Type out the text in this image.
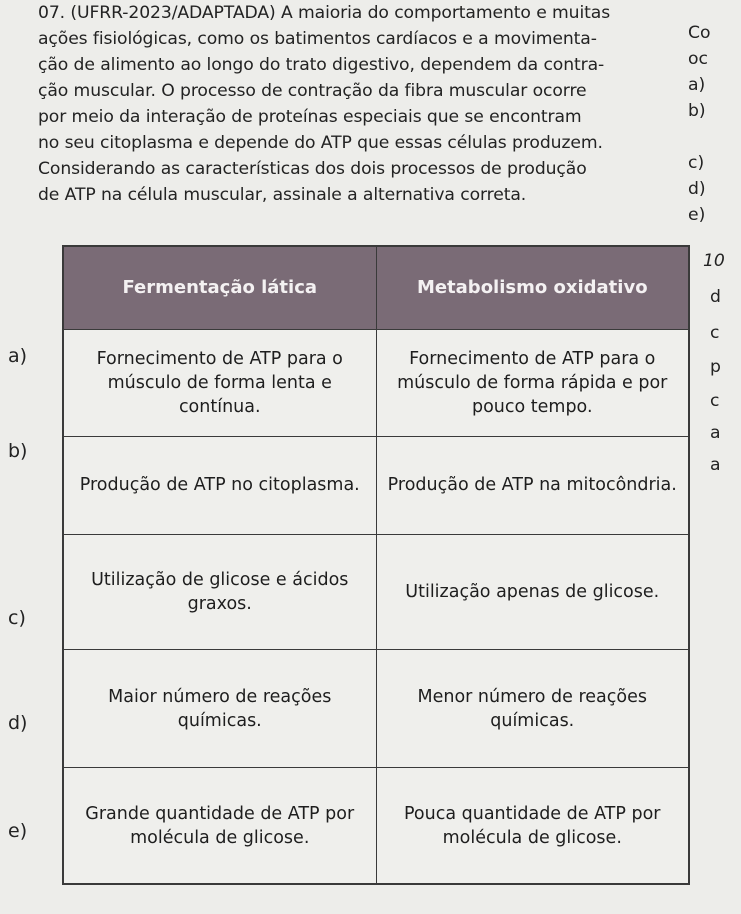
07. (UFRR-2023/ADAPTADA) A maioria do comportamento e muitas
ações fisiológicas, como os batimentos cardíacos e a movimenta-
ção de alimento ao longo do trato digestivo, dependem da contra-
ção muscular. O processo de contração da fibra muscular ocorre
por meio da interação de proteínas especiais que se encontram
no seu citoplasma e depende do ATP que essas células produzem.
Considerando as características dos dois processos de produção
de ATP na célula muscular, assinale a alternativa correta.
Co
oc
a)
b)
c)
d)
e)
10
d
c
p
c
a
a
a)
b)
c)
d)
e)
Fermentação lática	Metabolismo oxidativo
Fornecimento de ATP para o músculo de forma lenta e contínua.	Fornecimento de ATP para o músculo de forma rápida e por pouco tempo.
Produção de ATP no citoplasma.	Produção de ATP na mitocôndria.
Utilização de glicose e ácidos graxos.	Utilização apenas de glicose.
Maior número de reações químicas.	Menor número de reações químicas.
Grande quantidade de ATP por molécula de glicose.	Pouca quantidade de ATP por molécula de glicose.
